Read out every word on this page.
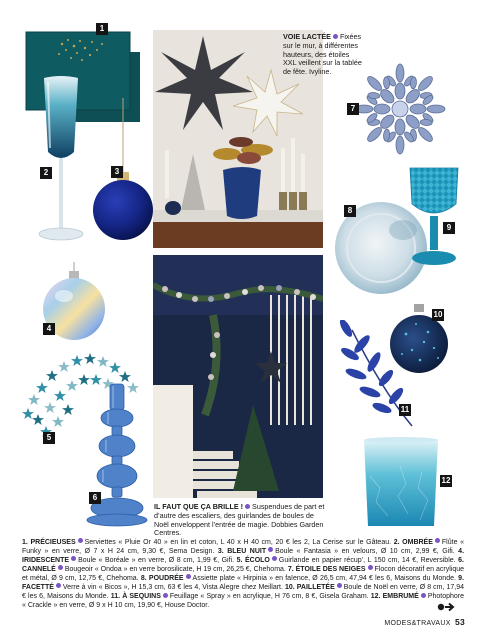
1
2	3
4
5
6
VOIE LACTÉE Fixées sur le mur, à différentes hauteurs, des étoiles XXL veillent sur la tablée de fête. Ivyline.
IL FAUT QUE ÇA BRILLE ! Suspendues de part et d’autre des escaliers, des guirlandes de boules de Noël enveloppent l’entrée de magie. Dobbies Garden Centres.
7
8
9
10
11
12
1. PRÉCIEUSES Serviettes « Pluie Or 40 » en lin et coton, L 40 x H 40 cm, 20 € les 2, La Cerise sur le Gâteau. 2. OMBRÉE Flûte « Funky » en verre, Ø 7 x H 24 cm, 9,30 €, Sema Design. 3. BLEU NUIT Boule « Fantasia » en velours, Ø 10 cm, 2,99 €, Gifi. 4. IRIDESCENTE Boule « Boréale » en verre, Ø 8 cm, 1,99 €, Gifi. 5. ÉCOLO Guirlande en papier récup’, L 150 cm, 14 €, Reversible. 6. CANNELÉ Bougeoir « Ondoa » en verre borosilicate, H 19 cm, 26,25 €, Chehoma. 7. ÉTOILE DES NEIGES Flocon décoratif en acrylique et métal, Ø 9 cm, 12,75 €, Chehoma. 8. POUDRÉE Assiette plate « Hirpinia » en faïence, Ø 26,5 cm, 47,94 € les 6, Maisons du Monde. 9. FACETTÉ Verre à vin « Bicos », H 15,3 cm, 63 € les 4, Vista Alegre chez Meillart. 10. PAILLETÉE Boule de Noël en verre, Ø 8 cm, 17,94 € les 6, Maisons du Monde. 11. À SEQUINS Feuillage « Spray » en acrylique, H 76 cm, 8 €, Gisela Graham. 12. EMBRUMÉ Photophore « Crackle » en verre, Ø 9 x H 10 cm, 19,90 €, House Doctor.
MODES&TRAVAUX 53
